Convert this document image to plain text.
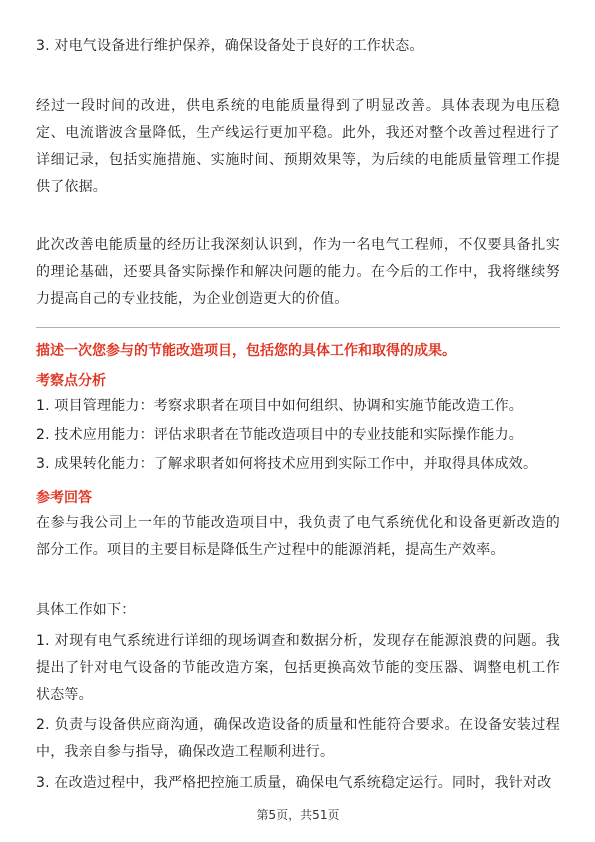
3. 对电气设备进行维护保养，确保设备处于良好的工作状态。

经过一段时间的改进，供电系统的电能质量得到了明显改善。具体表现为电压稳定、电流谐波含量降低，生产线运行更加平稳。此外，我还对整个改善过程进行了详细记录，包括实施措施、实施时间、预期效果等，为后续的电能质量管理工作提供了依据。

此次改善电能质量的经历让我深刻认识到，作为一名电气工程师，不仅要具备扎实的理论基础，还要具备实际操作和解决问题的能力。在今后的工作中，我将继续努力提高自己的专业技能，为企业创造更大的价值。

描述一次您参与的节能改造项目，包括您的具体工作和取得的成果。

考察点分析

1. 项目管理能力：考察求职者在项目中如何组织、协调和实施节能改造工作。

2. 技术应用能力：评估求职者在节能改造项目中的专业技能和实际操作能力。

3. 成果转化能力：了解求职者如何将技术应用到实际工作中，并取得具体成效。

参考回答

在参与我公司上一年的节能改造项目中，我负责了电气系统优化和设备更新改造的部分工作。项目的主要目标是降低生产过程中的能源消耗，提高生产效率。

具体工作如下：

1. 对现有电气系统进行详细的现场调查和数据分析，发现存在能源浪费的问题。我提出了针对电气设备的节能改造方案，包括更换高效节能的变压器、调整电机工作状态等。

2. 负责与设备供应商沟通，确保改造设备的质量和性能符合要求。在设备安装过程中，我亲自参与指导，确保改造工程顺利进行。

3. 在改造过程中，我严格把控施工质量，确保电气系统稳定运行。同时，我针对改

第5页，共51页
